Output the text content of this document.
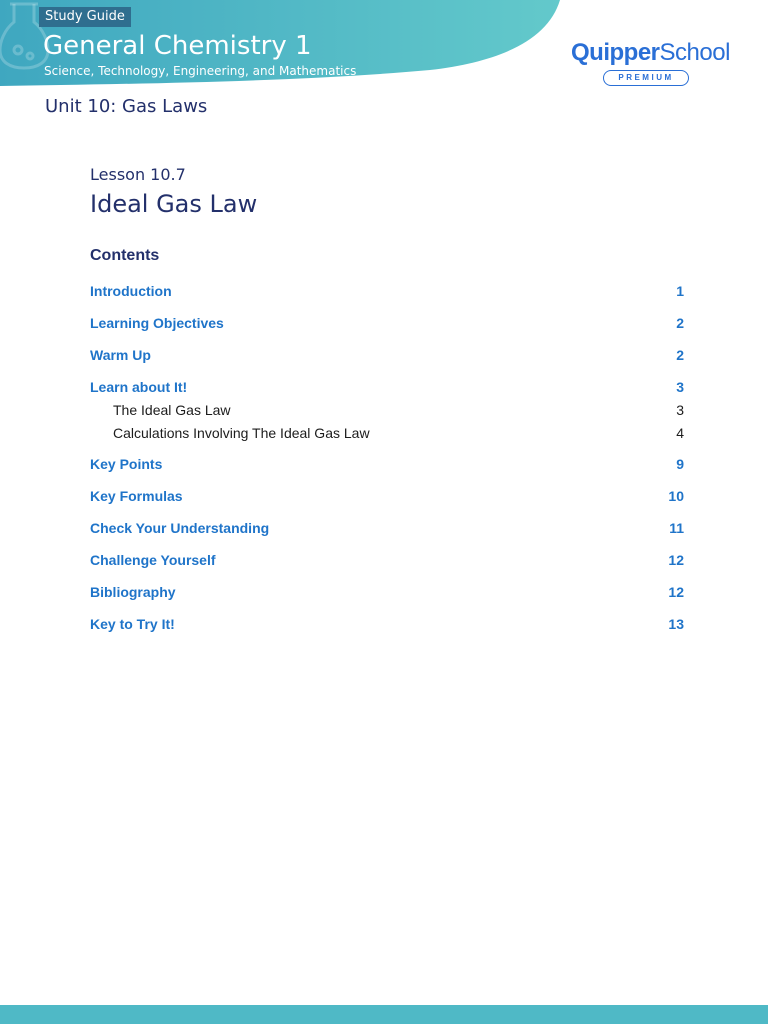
Study Guide
General Chemistry 1
Science, Technology, Engineering, and Mathematics
QuipperSchool
PREMIUM
Unit 10: Gas Laws
Lesson 10.7
Ideal Gas Law
Contents
Introduction	1
Learning Objectives	2
Warm Up	2
Learn about It!	3
The Ideal Gas Law	3
Calculations Involving The Ideal Gas Law	4
Key Points	9
Key Formulas	10
Check Your Understanding	11
Challenge Yourself	12
Bibliography	12
Key to Try It!	13
